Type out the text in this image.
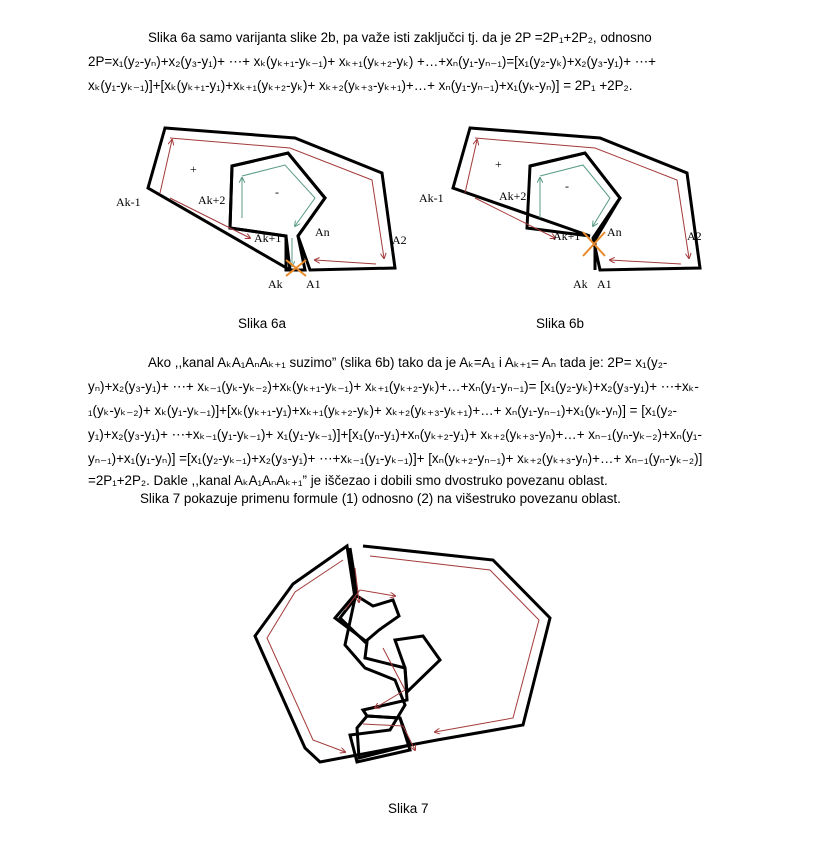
Slika 6a samo varijanta slike 2b, pa važe isti zaključci tj. da je 2P =2P₁+2P₂, odnosno
2P=x₁(y₂-yₙ)+x₂(y₃-y₁)+ ⋯+ xₖ(yₖ₊₁-yₖ₋₁)+ xₖ₊₁(yₖ₊₂-yₖ) +…+xₙ(y₁-yₙ₋₁)=[x₁(y₂-yₖ)+x₂(y₃-y₁)+ ⋯+
xₖ(y₁-yₖ₋₁)]+[xₖ(yₖ₊₁-y₁)+xₖ₊₁(yₖ₊₂-yₖ)+ xₖ₊₂(yₖ₊₃-yₖ₊₁)+…+ xₙ(y₁-yₙ₋₁)+x₁(yₖ-yₙ)] = 2P₁ +2P₂.
+
-
Ak-1	Ak+2
Ak+1	An
A2
Ak A1
Slika 6a
+
-
Ak-1	Ak+2
Ak+1 An	A2
Ak A1
Slika 6b
Ako ,,kanal AₖA₁AₙAₖ₊₁ suzimo” (slika 6b) tako da je Aₖ=A₁ i Aₖ₊₁= Aₙ tada je: 2P= x₁(y₂-
yₙ)+x₂(y₃-y₁)+ ⋯+ xₖ₋₁(yₖ-yₖ₋₂)+xₖ(yₖ₊₁-yₖ₋₁)+ xₖ₊₁(yₖ₊₂-yₖ)+…+xₙ(y₁-yₙ₋₁)= [x₁(y₂-yₖ)+x₂(y₃-y₁)+ ⋯+xₖ-
₁(yₖ-yₖ₋₂)+ xₖ(y₁-yₖ₋₁)]+[xₖ(yₖ₊₁-y₁)+xₖ₊₁(yₖ₊₂-yₖ)+ xₖ₊₂(yₖ₊₃-yₖ₊₁)+…+ xₙ(y₁-yₙ₋₁)+x₁(yₖ-yₙ)] = [x₁(y₂-
y₁)+x₂(y₃-y₁)+ ⋯+xₖ₋₁(y₁-yₖ₋₁)+ x₁(y₁-yₖ₋₁)]+[x₁(yₙ-y₁)+xₙ(yₖ₊₂-y₁)+ xₖ₊₂(yₖ₊₃-yₙ)+…+ xₙ₋₁(yₙ-yₖ₋₂)+xₙ(y₁-
yₙ₋₁)+x₁(y₁-yₙ)] =[x₁(y₂-yₖ₋₁)+x₂(y₃-y₁)+ ⋯+xₖ₋₁(y₁-yₖ₋₁)]+ [xₙ(yₖ₊₂-yₙ₋₁)+ xₖ₊₂(yₖ₊₃-yₙ)+…+ xₙ₋₁(yₙ-yₖ₋₂)]
=2P₁+2P₂. Dakle ,,kanal AₖA₁AₙAₖ₊₁” je iščezao i dobili smo dvostruko povezanu oblast.
Slika 7 pokazuje primenu formule (1) odnosno (2) na višestruko povezanu oblast.
Slika 7
